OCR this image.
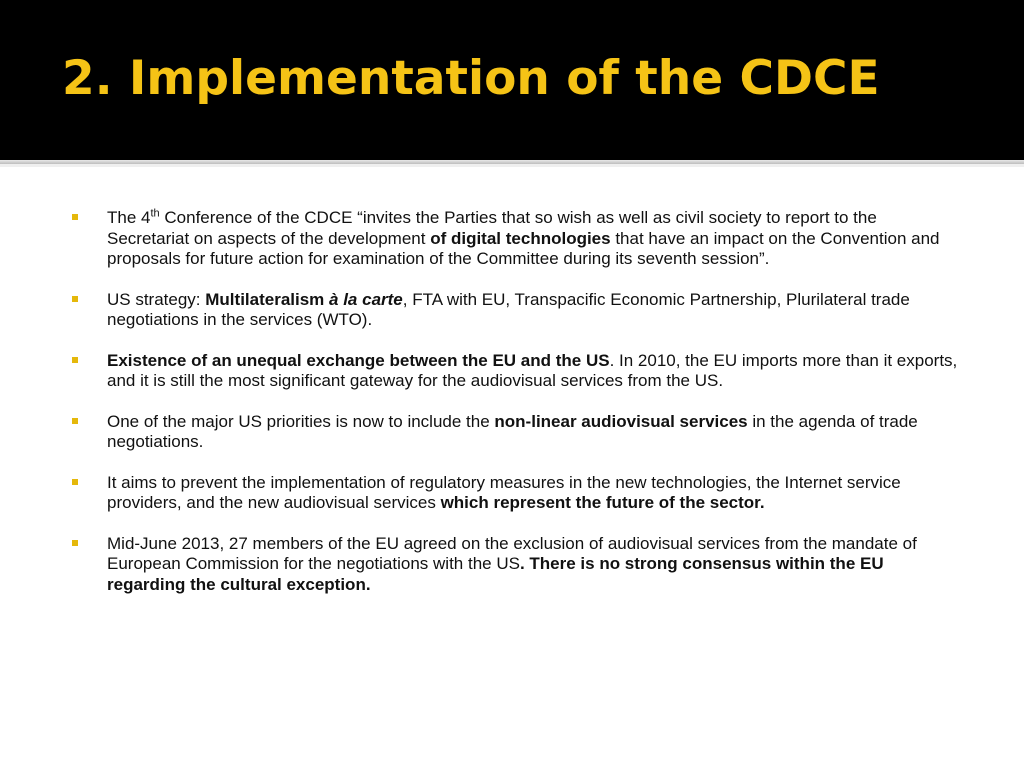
2. Implementation of the CDCE
The 4th Conference of the CDCE “invites the Parties that so wish as well as civil society to report to the Secretariat on aspects of the development of digital technologies that have an impact on the Convention and proposals for future action for examination of the Committee during its seventh session”.
US strategy: Multilateralism à la carte, FTA with EU, Transpacific Economic Partnership, Plurilateral trade negotiations in the services (WTO).
Existence of an unequal exchange between the EU and the US. In 2010, the EU imports more than it exports, and it is still the most significant gateway for the audiovisual services from the US.
One of the major US priorities is now to include the non-linear audiovisual services in the agenda of trade negotiations.
It aims to prevent the implementation of regulatory measures in the new technologies, the Internet service providers, and the new audiovisual services which represent the future of the sector.
Mid-June 2013, 27 members of the EU agreed on the exclusion of audiovisual services from the mandate of European Commission for the negotiations with the US. There is no strong consensus within the EU regarding the cultural exception.
